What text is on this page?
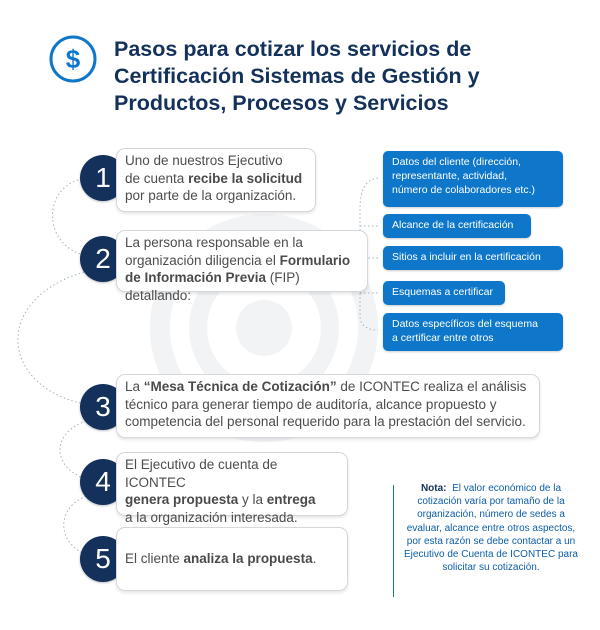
$ Pasos para cotizar los servicios de
Certificación Sistemas de Gestión y
Productos, Procesos y Servicios
1
Uno de nuestros Ejecutivo
de cuenta recibe la solicitud
por parte de la organización.
2
La persona responsable en la
organización diligencia el Formulario
de Información Previa (FIP) detallando:
3
La “Mesa Técnica de Cotización” de ICONTEC realiza el análisis
técnico para generar tiempo de auditoría, alcance propuesto y
competencia del personal requerido para la prestación del servicio.
4
El Ejecutivo de cuenta de ICONTEC
genera propuesta y la entrega
a la organización interesada.
5	El cliente analiza la propuesta.
Datos del cliente (dirección,
representante, actividad,
número de colaboradores etc.)
Alcance de la certificación
Sitios a incluir en la certificación
Esquemas a certificar
Datos específicos del esquema
a certificar entre otros
Nota: El valor económico de la cotización varía por tamaño de la organización, número de sedes a evaluar, alcance entre otros aspectos, por esta razón se debe contactar a un Ejecutivo de Cuenta de ICONTEC para solicitar su cotización.
